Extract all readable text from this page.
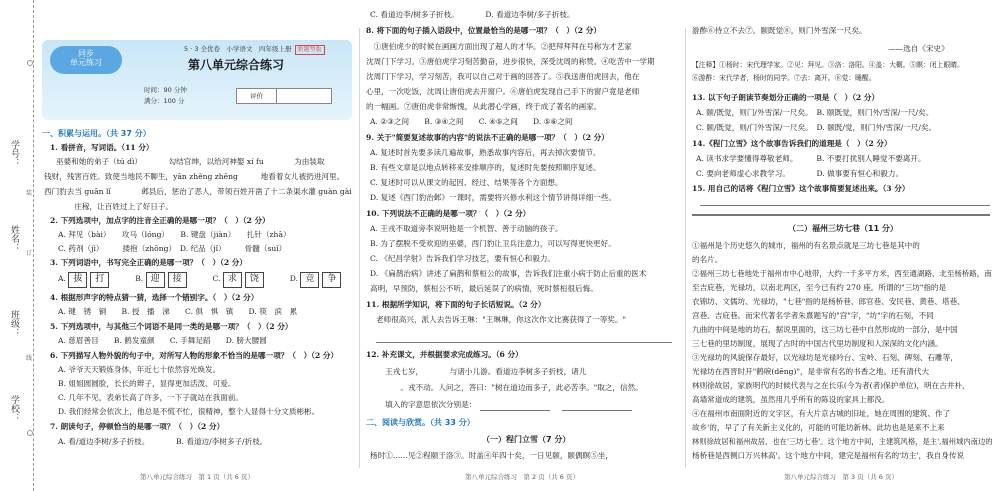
学号：
姓名：
班级：
学校：
装
订
线
同步
单元练习
5 · 3 全优卷　小学语文　四年级上册 新题型版
第八单元综合练习
时间：90 分钟
满分：100 分
评价
一、积累与运用。（共 37 分）
1. 看拼音，写词语。（11 分）
巫婆和她的弟子（tú dì）　　　　勾结官绅，以给河神娶 xí fu　　　　为由装取
钱财，残害百姓。致使当地民不聊生，yān zhěng zhēng　　　地看着女儿被扔进河里。
西门豹去当 guān lǐ　　　　邺县后，惩治了恶人，带领百姓开凿了十二条渠水灌 guàn gài
　　　　庄稼，让百姓过上了好日子。
2. 下列选项中，加点字的注音全正确的是哪一项？（　）（2 分）
A. 拜见（bài）　　攻马（lóng）　　B. 键盘（jiàn）　　扎针（zhā）
C. 药剂（jì）　　　搂抱（zhōng）　D. 纪品（jǐ）　　　骨髓（suǐ）
3. 下列词语中，书写完全正确的是哪一项？（　）（2 分）
A. 拔 打	B. 迎 接	C. 求 饶	D. 竞 争
4. 根据形声字的特点猜一猜，选择一个错别字。（　）（2 分）
A. 键　锈　铜　　B. 授　播　涕　　C. 俱　惧　镇　　D. 筷　滨　累
5. 下列选项中，与其他三个词语不是同一类的是哪一项？（　）（2 分）
A. 慈眉善目　　B. 鹤发童颜　　C. 手舞足蹈　　D. 膀大腰圆
6. 下列描写人物外貌的句子中，对所写人物的形象不恰当的是哪一项？（　）（2 分）
A. 爷爷天天锻炼身体，年近七十依然容光焕发。
B. 姐姐圆圆脸，长长的辫子，显得更加活泼、可爱。
C. 几年不见，表弟长高了许多，一下子就站在我面前。
D. 我们经常会依次上，他总是不慌不忙，很精神，整个人显得十分文质彬彬。
7. 朗读句子，停顿恰当的是哪一项？（　）（2 分）
A. 看/道边李树/多子折枝。　　　　B. 看道边/李树多子/折枝。
第八单元综合练习　第 1 页（共 6 页）
C. 看道边李/树多子折枝。　　　　D. 看道边李树/多子折枝。
8. 将下面的句子插入语段中，位置最恰当的是哪一项？（　）（2 分）
　①唐伯虎少的时候在画画方面出现了超人的才华。②把拜拜拜在号称为才艺家
沈周门下学习。③唐伯虎学习刻苦勤奋，进步很快，深受沈周的称赞。④吃苦中一学期
沈周门下学习，学习刻苦，我可以自己对于画的回答了。⑤我送唐伯虎回去，他在
心里，一次吃饭，沈周让唐伯虎去开窗户。⑥唐伯虎发现自己手下的窗户竟是老师
的一幅画。⑦唐伯虎非常惭愧，从此潜心学画，终于成了著名的画家。
A. ②③之间　　B. ③④之间　　C. ④⑤之间　　D. ⑤⑥之间
9. 关于"简要复述故事的内容"的说法不正确的是哪一项？（　）（2 分）
A. 复述时首先要多读几遍故事，熟悉故事内容后，再去掉次要情节。
B. 有些文章是以地点转移来安排顺序的，复述时先要按照顺序复述。
C. 复述时可以从课文的起因、经过、结果等各个方面想。
D. 复述《西门豹治邺》一课时，需要将兴修水利这个情节讲得详细一些。
10. 下列说法不正确的是哪一项？（　）（2 分）
A. 王戎不取道旁李说明他是一个机智、善于动脑的孩子。
B. 为了摆脱不受欢迎的巫婆，西门豹让卫兵注意力，可以写得更快更好。
C. 《纪昌学射》告诉我们学习技艺，要有恒心和毅力。
D. 《扁鹊治病》讲述了扁鹊和蔡桓公的故事，告诉我们注重小病于防止后重的医术
高明，早预防，蔡桓公不听，最后延误了的病情，死时蔡桓很后悔。
11. 根据所学知识，将下面的句子长话短说。（2 分）
老师很高兴，派人去告诉王琳："王琳琳，你这次作文比赛获得了一等奖。"
12. 补充课文，并根据要求完成练习。（6 分）
　　王戎七岁，　　　　与诸小儿游。看道边李树多子折枝，诸儿
　　　　。戎不动。人问之，答曰："树在道边而多子，此必苦李。"取之，信然。
　　填入的字意思依次分别是：
二、阅读与欣赏。（共 33 分）
（一）程门立雪（7 分）
杨时①……见②程颐于洛③。时盖④年四十矣，一日见颐，颐偶瞑⑤坐，
第八单元综合练习　第 2 页（共 6 页）
游酢⑥侍立不去⑦。颐既觉⑧，则门外雪深一尺矣。
——选自《宋史》
【注释】①杨时：宋代理学家。②见：拜见。③洛：洛阳。④盖：大概。⑤瞑：闭上眼睛。
⑥游酢：宋代学者，杨时的同学。⑦去：离开。⑧觉：睡醒。
13. 以下句子朗读节奏划分正确的一项是（　）（2 分）
A. 颐/既觉，则门/外雪深/一尺矣。　B. 颐既觉，则门外/雪深/一尺/矣。
C. 颐/既觉，则/门外雪深/一尺矣。　D. 颐既/觉，则门外/雪深/一尺/矣。
14.《程门立雪》这个故事告诉我们的道理是（　）（2 分）
A. 读书求学要懂得尊敬老师。　　　B. 不要打扰别人睡觉不要离开。
C. 要向老师虚心求教学习。　　　　D. 做事要有恒心和毅力。
15. 用自己的话将《程门立雪》这个故事简要复述出来。（3 分）
（二）福州三坊七巷（11 分）
①福州是个历史悠久的城市，福州的有名景点就是三坊七巷是其中的
的名片。
②福州三坊七巷地处于福州市中心地带，大约一千多平方米，西至通湖路，北至杨桥路，南
至吉庇巷，光禄坊，以南北两区，至今已有约 270 座。所谓的"三坊"指的是
衣锦坊、文儒坊、光禄坊，"七巷"指的是杨桥巷、郎官巷、安民巷、黄巷、塔巷、
宫巷、吉庇巷。而宋代著名学者朱熹题写的"宫"字，"坊"字的石刻，不同
九曲的中间是地的坊石，据说里面的，这三坊七巷中自然形成的一部分，是中国
三七巷的里坊制度，展现了古时的中国古代里坊制度和人深深的文化内涵。
③光禄坊的风貌保存最好，以光禄坊是光禄吟台、宝岭、石刻、碑刻、石雕等，
光禄坊在西晋时开"鹤唳(dēng)"，是非常有名的书香之地。还有清代大
林则徐故居，家族明代的时候代表与之在长乐(今为者(者)保护单位)，明在古井朴，
高墙常道成的建筑，虽然用几乎所有的陈设的家具上都没。
④在福州市南面附近的文字区，有大片京古城的旧址，她在周围的建筑、作了
故乡'的，早了了有关新主义化的，可能的可能坊新林。此坊也是是来不上来
林则徐故居和福州故居，也在'三坊七巷'。这个地方中间，主建筑风格，是主',福州城内南边的
杨桥巷是西侧口万兴林高'。这个地方中间，建完是福州有名的'坊主'，我自身传说
第八单元综合练习　第 3 页（共 6 页）
